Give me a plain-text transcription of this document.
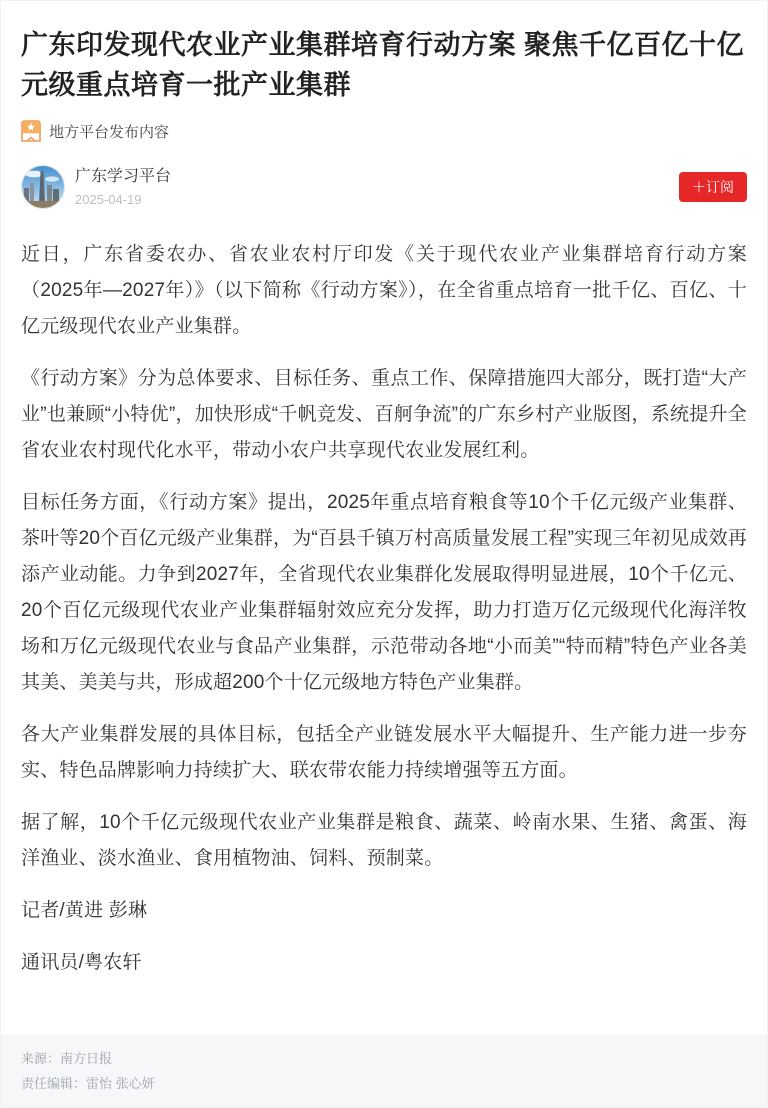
广东印发现代农业产业集群培育行动方案 聚焦千亿百亿十亿元级重点培育一批产业集群
地方平台发布内容
广东学习平台
2025-04-19
＋订阅

近日，广东省委农办、省农业农村厅印发《关于现代农业产业集群培育行动方案（2025年—2027年）》（以下简称《行动方案》），在全省重点培育一批千亿、百亿、十亿元级现代农业产业集群。

《行动方案》分为总体要求、目标任务、重点工作、保障措施四大部分，既打造“大产业”也兼顾“小特优”，加快形成“千帆竞发、百舸争流”的广东乡村产业版图，系统提升全省农业农村现代化水平，带动小农户共享现代农业发展红利。

目标任务方面，《行动方案》提出，2025年重点培育粮食等10个千亿元级产业集群、茶叶等20个百亿元级产业集群，为“百县千镇万村高质量发展工程”实现三年初见成效再添产业动能。力争到2027年，全省现代农业集群化发展取得明显进展，10个千亿元、20个百亿元级现代农业产业集群辐射效应充分发挥，助力打造万亿元级现代化海洋牧场和万亿元级现代农业与食品产业集群，示范带动各地“小而美”“特而精”特色产业各美其美、美美与共，形成超200个十亿元级地方特色产业集群。

各大产业集群发展的具体目标，包括全产业链发展水平大幅提升、生产能力进一步夯实、特色品牌影响力持续扩大、联农带农能力持续增强等五方面。

据了解，10个千亿元级现代农业产业集群是粮食、蔬菜、岭南水果、生猪、禽蛋、海洋渔业、淡水渔业、食用植物油、饲料、预制菜。

记者/黄进 彭琳

通讯员/粤农轩

来源：南方日报
责任编辑：雷怡 张心妍
